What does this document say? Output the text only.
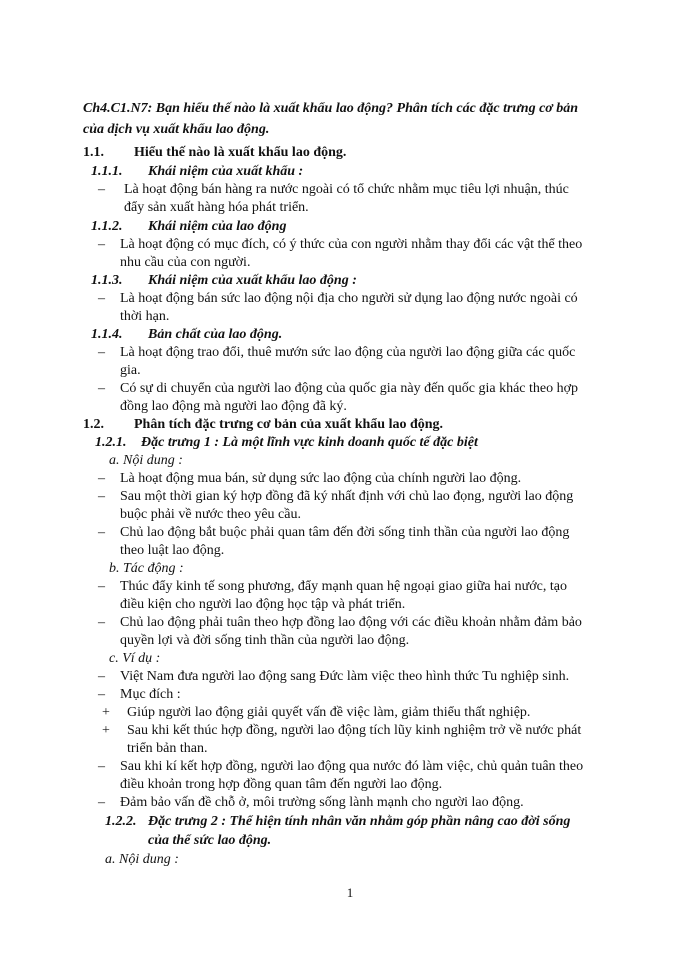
Ch4.C1.N7: Bạn hiểu thế nào là xuất khẩu lao động? Phân tích các đặc trưng cơ bản
của dịch vụ xuất khẩu lao động.
1.1. Hiểu thế nào là xuất khẩu lao động.
1.1.1. Khái niệm của xuất khẩu :
– Là hoạt động bán hàng ra nước ngoài có tổ chức nhằm mục tiêu lợi nhuận, thúc
đẩy sản xuất hàng hóa phát triển.
1.1.2. Khái niệm của lao động
– Là hoạt động có mục đích, có ý thức của con người nhằm thay đổi các vật thể theo
nhu cầu của con người.
1.1.3. Khái niệm của xuất khẩu lao động :
– Là hoạt động bán sức lao động nội địa cho người sử dụng lao động nước ngoài có
thời hạn.
1.1.4. Bản chất của lao động.
– Là hoạt động trao đổi, thuê mướn sức lao động của người lao động giữa các quốc
gia.
– Có sự di chuyển của người lao động của quốc gia này đến quốc gia khác theo hợp
đồng lao động mà người lao động đã ký.
1.2. Phân tích đặc trưng cơ bản của xuất khẩu lao động.
1.2.1. Đặc trưng 1 : Là một lĩnh vực kinh doanh quốc tế đặc biệt
a. Nội dung :
– Là hoạt động mua bán, sử dụng sức lao động của chính người lao động.
– Sau một thời gian ký hợp đồng đã ký nhất định với chủ lao đọng, người lao động
buộc phải về nước theo yêu cầu.
– Chủ lao động bắt buộc phải quan tâm đến đời sống tinh thần của người lao động
theo luật lao động.
b. Tác động :
– Thúc đẩy kinh tế song phương, đẩy mạnh quan hệ ngoại giao giữa hai nước, tạo
điều kiện cho người lao động học tập và phát triển.
– Chủ lao động phải tuân theo hợp đồng lao động với các điều khoản nhằm đảm bảo
quyền lợi và đời sống tinh thần của người lao động.
c. Ví dụ :
– Việt Nam đưa người lao động sang Đức làm việc theo hình thức Tu nghiệp sinh.
– Mục đích :
+ Giúp người lao động giải quyết vấn đề việc làm, giảm thiểu thất nghiệp.
+ Sau khi kết thúc hợp đồng, người lao động tích lũy kinh nghiệm trở về nước phát
triển bản than.
– Sau khi kí kết hợp đồng, người lao động qua nước đó làm việc, chủ quản tuân theo
điều khoản trong hợp đồng quan tâm đến người lao động.
– Đảm bảo vấn đề chỗ ở, môi trường sống lành mạnh cho người lao động.
1.2.2. Đặc trưng 2 : Thể hiện tính nhân văn nhằm góp phần nâng cao đời sống
của thể sức lao động.
a. Nội dung :
1
